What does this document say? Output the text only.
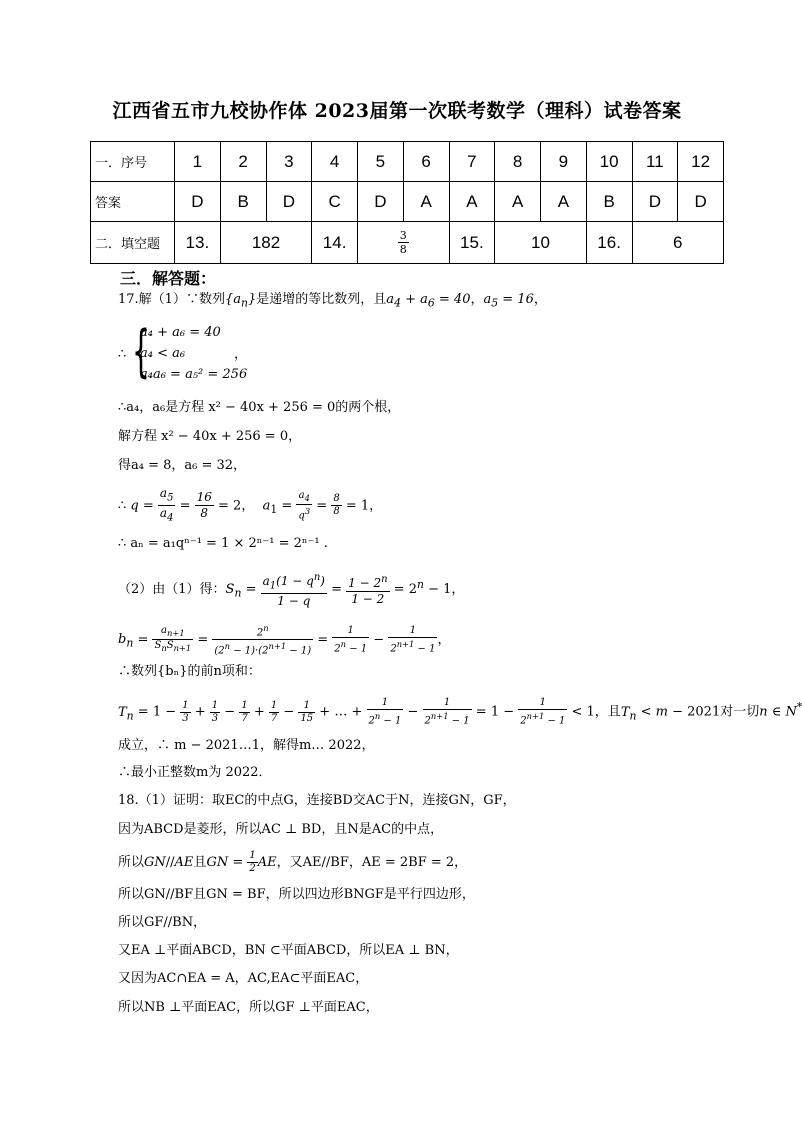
江西省五市九校协作体 2023届第一次联考数学（理科）试卷答案
一．序号	1	2	3	4	5	6	7	8	9	10	11	12
答案	D	B	D	C	D	A	A	A	A	B	D	D
二．填空题	13.	182		14.	$\frac{3}{8}$		15.	10		16.	6	
三．解答题：
17.解（1）∵数列$\{a_n\}$是递增的等比数列，且$a_4 + a_6 = 40$，$a_5 = 16$，
∴ {
a₄ + a₆ = 40
a₄ < a₆
a₄a₆ = a₅² = 256
，
∴a₄，a₆是方程 x² − 40x + 256 = 0的两个根，
解方程 x² − 40x + 256 = 0，
得a₄ = 8，a₆ = 32，
∴ $q = \frac{a_5}{a_4} = \frac{16}{8} = 2$，  $a_1 = \frac{a_4}{q^3} = \frac{8}{8} = 1$，
∴ aₙ = a₁qⁿ⁻¹ = 1 × 2ⁿ⁻¹ = 2ⁿ⁻¹ .
（2）由（1）得：$S_n = \frac{a_1(1 - q^n)}{1 - q} = \frac{1 - 2^n}{1 - 2} = 2^n - 1$，
$b_n = \frac{a_{n+1}}{S_nS_{n+1}} = \frac{2^n}{(2^n - 1)\cdot(2^{n+1} - 1)} = \frac{1}{2^n - 1} - \frac{1}{2^{n+1} - 1}$ ，
∴数列{bₙ}的前n项和：
$T_n = 1 - \frac{1}{3} + \frac{1}{3} - \frac{1}{7} + \frac{1}{7} - \frac{1}{15}$ + … + $\frac{1}{2^n - 1} - \frac{1}{2^{n+1} - 1} = 1 - \frac{1}{2^{n+1} - 1} < 1$，且$T_n < m - 2021$对一切n ∈ N*
成立，∴ m − 2021…1，解得m… 2022，
∴最小正整数m为 2022．
18.（1）证明：取EC的中点G，连接BD交AC于N，连接GN，GF，
因为ABCD是菱形，所以AC ⊥ BD，且N是AC的中点，
所以GN//AE且GN = $\frac{1}{2}$ AE，又AE//BF，AE = 2BF = 2，
所以GN//BF且GN = BF，所以四边形BNGF是平行四边形，
所以GF//BN，
又EA ⊥平面ABCD，BN ⊂平面ABCD，所以EA ⊥ BN，
又因为AC∩EA = A，AC,EA⊂平面EAC，
所以NB ⊥平面EAC，所以GF ⊥平面EAC，
